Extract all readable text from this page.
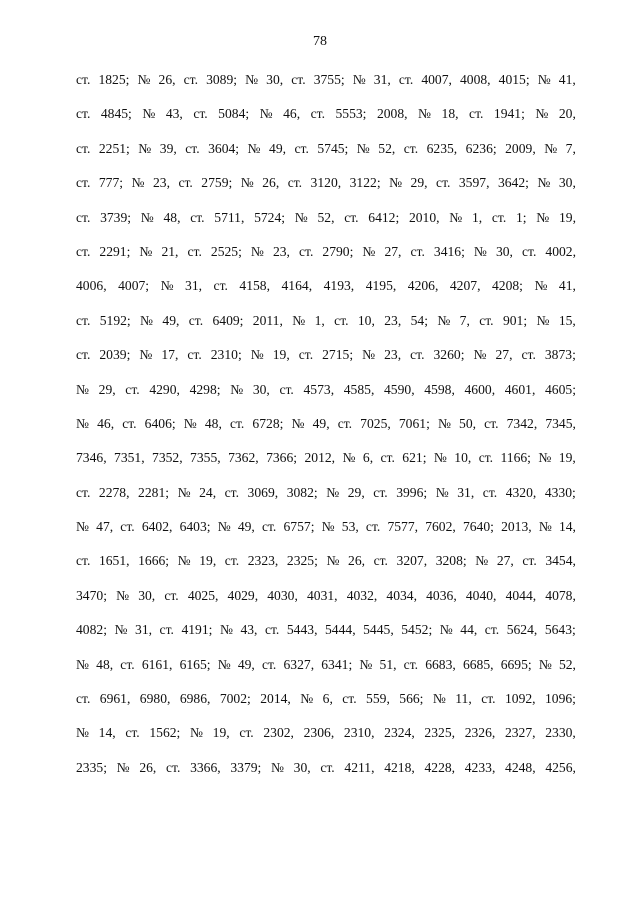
78
ст. 1825; № 26, ст. 3089; № 30, ст. 3755; № 31, ст. 4007, 4008, 4015; № 41,
ст. 4845; № 43, ст. 5084; № 46, ст. 5553; 2008, № 18, ст. 1941; № 20,
ст. 2251; № 39, ст. 3604; № 49, ст. 5745; № 52, ст. 6235, 6236; 2009, № 7,
ст. 777; № 23, ст. 2759; № 26, ст. 3120, 3122; № 29, ст. 3597, 3642; № 30,
ст. 3739; № 48, ст. 5711, 5724; № 52, ст. 6412; 2010, № 1, ст. 1; № 19,
ст. 2291; № 21, ст. 2525; № 23, ст. 2790; № 27, ст. 3416; № 30, ст. 4002,
4006, 4007; № 31, ст. 4158, 4164, 4193, 4195, 4206, 4207, 4208; № 41,
ст. 5192; № 49, ст. 6409; 2011, № 1, ст. 10, 23, 54; № 7, ст. 901; № 15,
ст. 2039; № 17, ст. 2310; № 19, ст. 2715; № 23, ст. 3260; № 27, ст. 3873;
№ 29, ст. 4290, 4298; № 30, ст. 4573, 4585, 4590, 4598, 4600, 4601, 4605;
№ 46, ст. 6406; № 48, ст. 6728; № 49, ст. 7025, 7061; № 50, ст. 7342, 7345,
7346, 7351, 7352, 7355, 7362, 7366; 2012, № 6, ст. 621; № 10, ст. 1166; № 19,
ст. 2278, 2281; № 24, ст. 3069, 3082; № 29, ст. 3996; № 31, ст. 4320, 4330;
№ 47, ст. 6402, 6403; № 49, ст. 6757; № 53, ст. 7577, 7602, 7640; 2013, № 14,
ст. 1651, 1666; № 19, ст. 2323, 2325; № 26, ст. 3207, 3208; № 27, ст. 3454,
3470; № 30, ст. 4025, 4029, 4030, 4031, 4032, 4034, 4036, 4040, 4044, 4078,
4082; № 31, ст. 4191; № 43, ст. 5443, 5444, 5445, 5452; № 44, ст. 5624, 5643;
№ 48, ст. 6161, 6165; № 49, ст. 6327, 6341; № 51, ст. 6683, 6685, 6695; № 52,
ст. 6961, 6980, 6986, 7002; 2014, № 6, ст. 559, 566; № 11, ст. 1092, 1096;
№ 14, ст. 1562; № 19, ст. 2302, 2306, 2310, 2324, 2325, 2326, 2327, 2330,
2335; № 26, ст. 3366, 3379; № 30, ст. 4211, 4218, 4228, 4233, 4248, 4256,
